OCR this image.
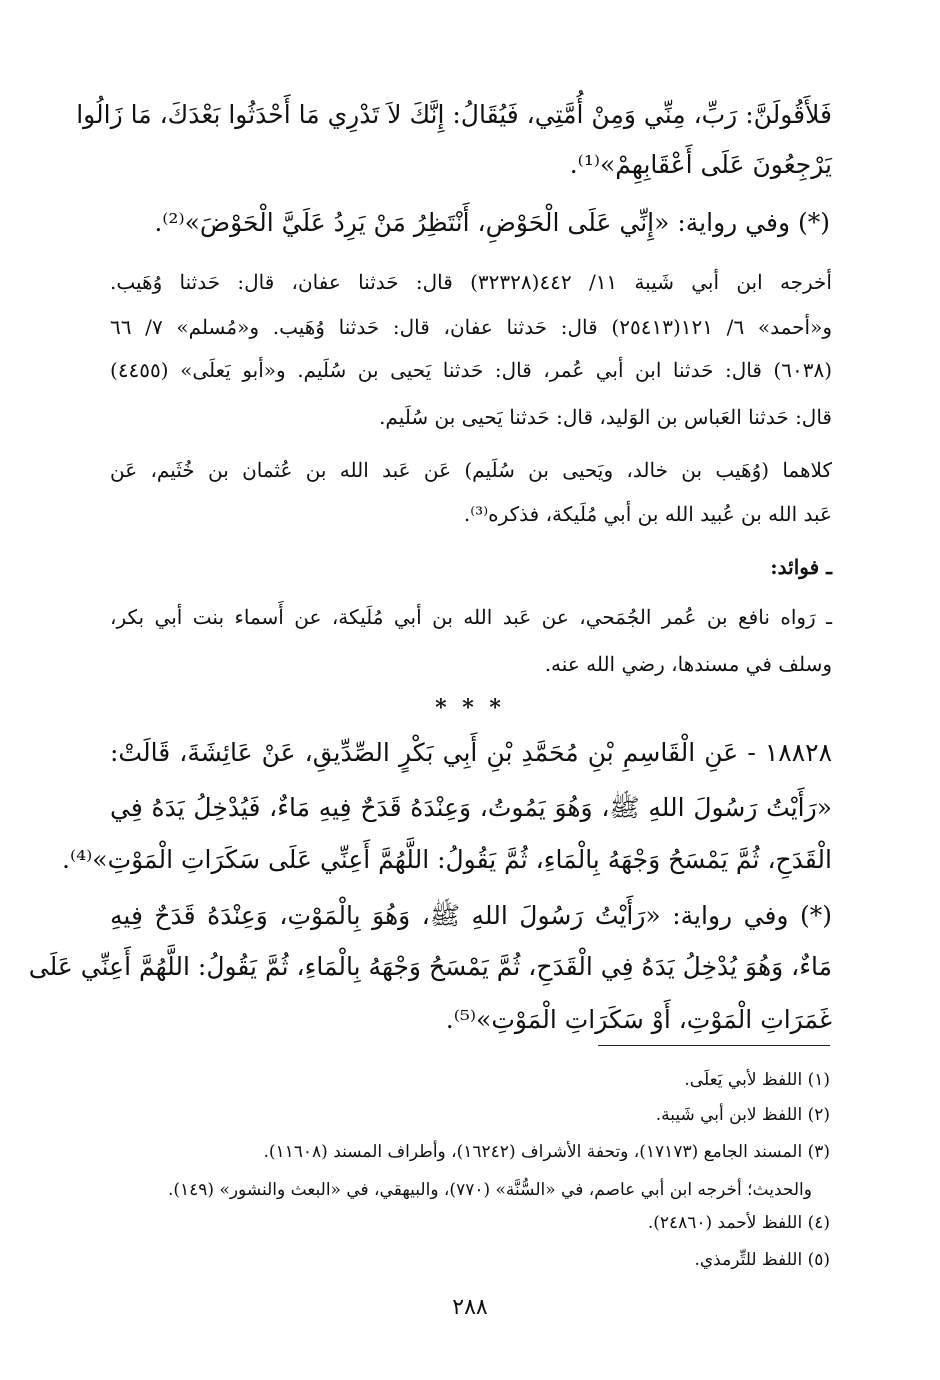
فَلأَقُولَنَّ: رَبِّ، مِنِّي وَمِنْ أُمَّتِي، فَيُقَالُ: إِنَّكَ لاَ تَدْرِي مَا أَحْدَثُوا بَعْدَكَ، مَا زَالُوا
يَرْجِعُونَ عَلَى أَعْقَابِهِمْ»⁽¹⁾.
(*) وفي رواية: «إِنِّي عَلَى الْحَوْضِ، أَنْتَظِرُ مَنْ يَرِدُ عَلَيَّ الْحَوْضَ»⁽²⁾.
أخرجه ابن أبي شَيبة ١١/ ٤٤٢(٣٢٣٢٨) قال: حَدثنا عفان، قال: حَدثنا وُهَيب.
و«أحمد» ٦/ ١٢١(٢٥٤١٣) قال: حَدثنا عفان، قال: حَدثنا وُهَيب. و«مُسلم» ٧/ ٦٦
(٦٠٣٨) قال: حَدثنا ابن أبي عُمر، قال: حَدثنا يَحيى بن سُلَيم. و«أبو يَعلَى» (٤٤٥٥)
قال: حَدثنا العَباس بن الوَليد، قال: حَدثنا يَحيى بن سُلَيم.
كلاهما (وُهَيب بن خالد، ويَحيى بن سُلَيم) عَن عَبد الله بن عُثمان بن خُثَيم، عَن
عَبد الله بن عُبيد الله بن أبي مُلَيكة، فذكره⁽³⁾.
ـ فوائد:
ـ رَواه نافع بن عُمر الجُمَحي، عن عَبد الله بن أبي مُلَيكة، عن أَسماء بنت أبي بكر،
وسلف في مسندها، رضي الله عنه.
* * *
١٨٨٢٨ - عَنِ الْقَاسِمِ بْنِ مُحَمَّدِ بْنِ أَبِي بَكْرٍ الصِّدِّيقِ، عَنْ عَائِشَةَ، قَالَتْ:
«رَأَيْتُ رَسُولَ اللهِ ﷺ، وَهُوَ يَمُوتُ، وَعِنْدَهُ قَدَحٌ فِيهِ مَاءٌ، فَيُدْخِلُ يَدَهُ فِي
الْقَدَحِ، ثُمَّ يَمْسَحُ وَجْهَهُ بِالْمَاءِ، ثُمَّ يَقُولُ: اللَّهُمَّ أَعِنِّي عَلَى سَكَرَاتِ الْمَوْتِ»⁽⁴⁾.
(*) وفي رواية: «رَأَيْتُ رَسُولَ اللهِ ﷺ، وَهُوَ بِالْمَوْتِ، وَعِنْدَهُ قَدَحٌ فِيهِ
مَاءٌ، وَهُوَ يُدْخِلُ يَدَهُ فِي الْقَدَحِ، ثُمَّ يَمْسَحُ وَجْهَهُ بِالْمَاءِ، ثُمَّ يَقُولُ: اللَّهُمَّ أَعِنِّي عَلَى
غَمَرَاتِ الْمَوْتِ، أَوْ سَكَرَاتِ الْمَوْتِ»⁽⁵⁾.
(١) اللفظ لأبي يَعلَى.
(٢) اللفظ لابن أبي شَيبة.
(٣) المسند الجامع (١٧١٧٣)، وتحفة الأشراف (١٦٢٤٢)، وأطراف المسند (١١٦٠٨).
والحديث؛ أخرجه ابن أبي عاصم، في «السُّنَّة» (٧٧٠)، والبيهقي، في «البعث والنشور» (١٤٩).
(٤) اللفظ لأحمد (٢٤٨٦٠).
(٥) اللفظ للتِّرمذي.
٢٨٨
